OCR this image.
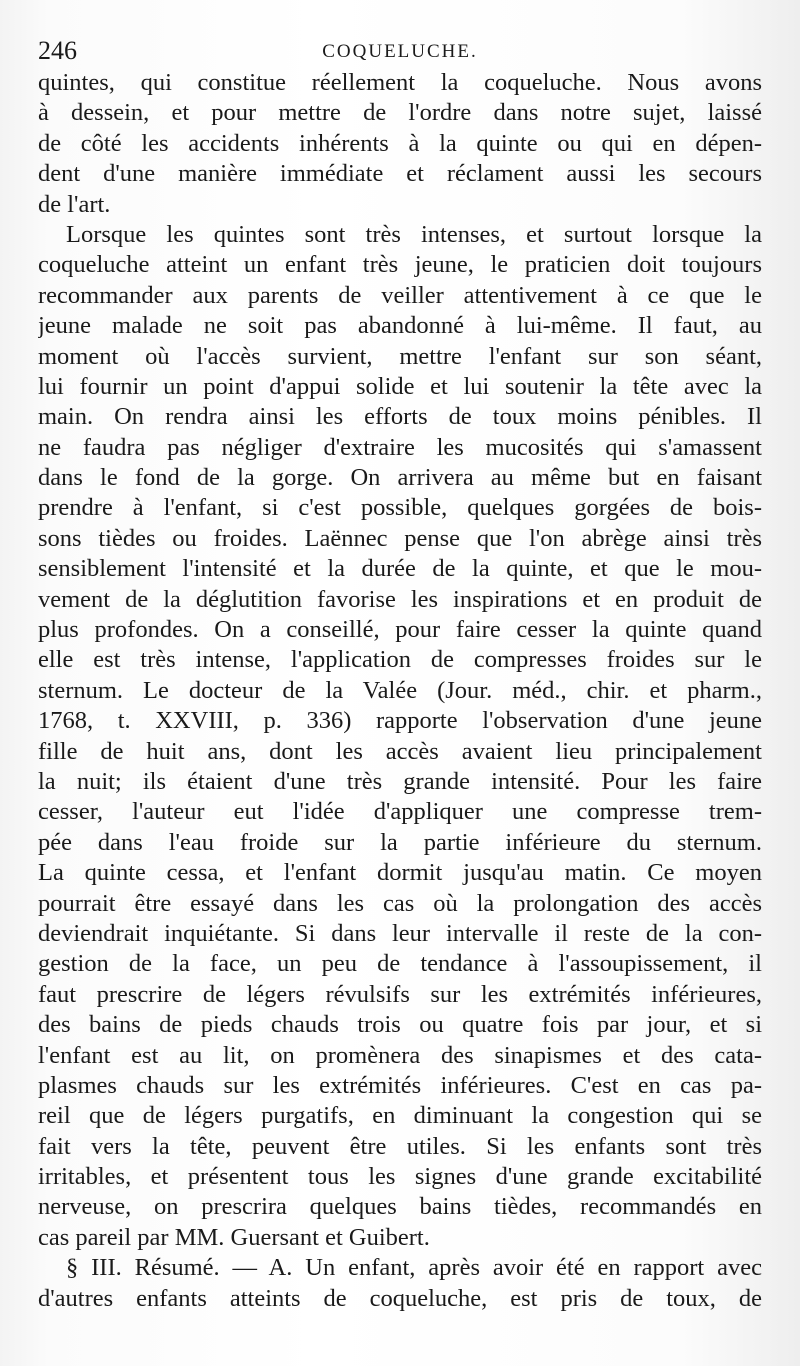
246	COQUELUCHE.
quintes, qui constitue réellement la coqueluche. Nous avons
à dessein, et pour mettre de l'ordre dans notre sujet, laissé
de côté les accidents inhérents à la quinte ou qui en dépen-
dent d'une manière immédiate et réclament aussi les secours
de l'art.
Lorsque les quintes sont très intenses, et surtout lorsque la
coqueluche atteint un enfant très jeune, le praticien doit toujours
recommander aux parents de veiller attentivement à ce que le
jeune malade ne soit pas abandonné à lui-même. Il faut, au
moment où l'accès survient, mettre l'enfant sur son séant,
lui fournir un point d'appui solide et lui soutenir la tête avec la
main. On rendra ainsi les efforts de toux moins pénibles. Il
ne faudra pas négliger d'extraire les mucosités qui s'amassent
dans le fond de la gorge. On arrivera au même but en faisant
prendre à l'enfant, si c'est possible, quelques gorgées de bois-
sons tièdes ou froides. Laënnec pense que l'on abrège ainsi très
sensiblement l'intensité et la durée de la quinte, et que le mou-
vement de la déglutition favorise les inspirations et en produit de
plus profondes. On a conseillé, pour faire cesser la quinte quand
elle est très intense, l'application de compresses froides sur le
sternum. Le docteur de la Valée (Jour. méd., chir. et pharm.,
1768, t. XXVIII, p. 336) rapporte l'observation d'une jeune
fille de huit ans, dont les accès avaient lieu principalement
la nuit; ils étaient d'une très grande intensité. Pour les faire
cesser, l'auteur eut l'idée d'appliquer une compresse trem-
pée dans l'eau froide sur la partie inférieure du sternum.
La quinte cessa, et l'enfant dormit jusqu'au matin. Ce moyen
pourrait être essayé dans les cas où la prolongation des accès
deviendrait inquiétante. Si dans leur intervalle il reste de la con-
gestion de la face, un peu de tendance à l'assoupissement, il
faut prescrire de légers révulsifs sur les extrémités inférieures,
des bains de pieds chauds trois ou quatre fois par jour, et si
l'enfant est au lit, on promènera des sinapismes et des cata-
plasmes chauds sur les extrémités inférieures. C'est en cas pa-
reil que de légers purgatifs, en diminuant la congestion qui se
fait vers la tête, peuvent être utiles. Si les enfants sont très
irritables, et présentent tous les signes d'une grande excitabilité
nerveuse, on prescrira quelques bains tièdes, recommandés en
cas pareil par MM. Guersant et Guibert.
§ III. Résumé. — A. Un enfant, après avoir été en rapport avec
d'autres enfants atteints de coqueluche, est pris de toux, de
